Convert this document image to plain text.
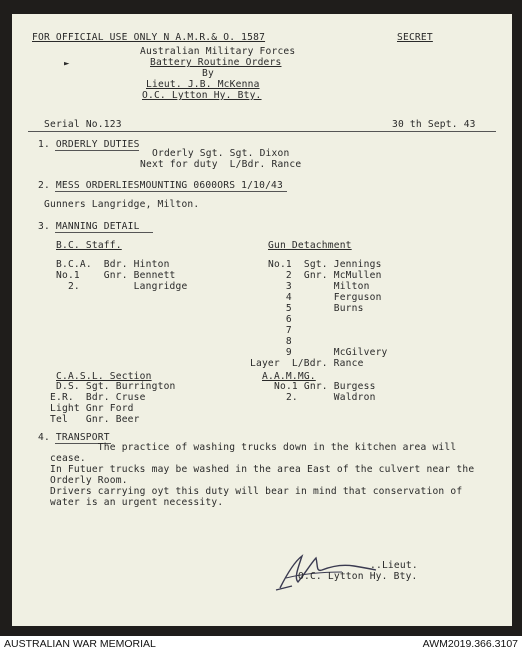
FOR OFFICIAL USE ONLY N A.M.R.& O. 1587	SECRET
Australian Military Forces
Battery Routine Orders
By
Lieut. J.B. McKenna
O.C. Lytton Hy. Bty.
►
Serial No.123	30 th Sept. 43
1. ORDERLY DUTIES
Orderly Sgt. Sgt. Dixon
Next for duty  L/Bdr. Rance
2. MESS ORDERLIESMOUNTING 0600ORS 1/10/43
Gunners Langridge, Milton.
3. MANNING DETAIL
B.C. Staff.
B.C.A.  Bdr. Hinton
No.1    Gnr. Bennett
2.         Langridge
Gun Detachment
No.1  Sgt. Jennings
2  Gnr. McMullen
3       Milton
4       Ferguson
5       Burns
6
7
8
9       McGilvery
Layer  L/Bdr. Rance
C.A.S.L. Section
D.S. Sgt. Burrington
E.R.  Bdr. Cruse
Light Gnr Ford
Tel   Gnr. Beer
A.A.M.MG.
No.1 Gnr. Burgess
2.      Waldron
4. TRANSPORT
The practice of washing trucks down in the kitchen area will
cease.
In Futuer trucks may be washed in the area East of the culvert near the
Orderly Room.
Drivers carrying oyt this duty will bear in mind that conservation of
water is an urgent necessity.
..Lieut.
O.C. Lytton Hy. Bty.
AUSTRALIAN WAR MEMORIAL	AWM2019.366.3107
